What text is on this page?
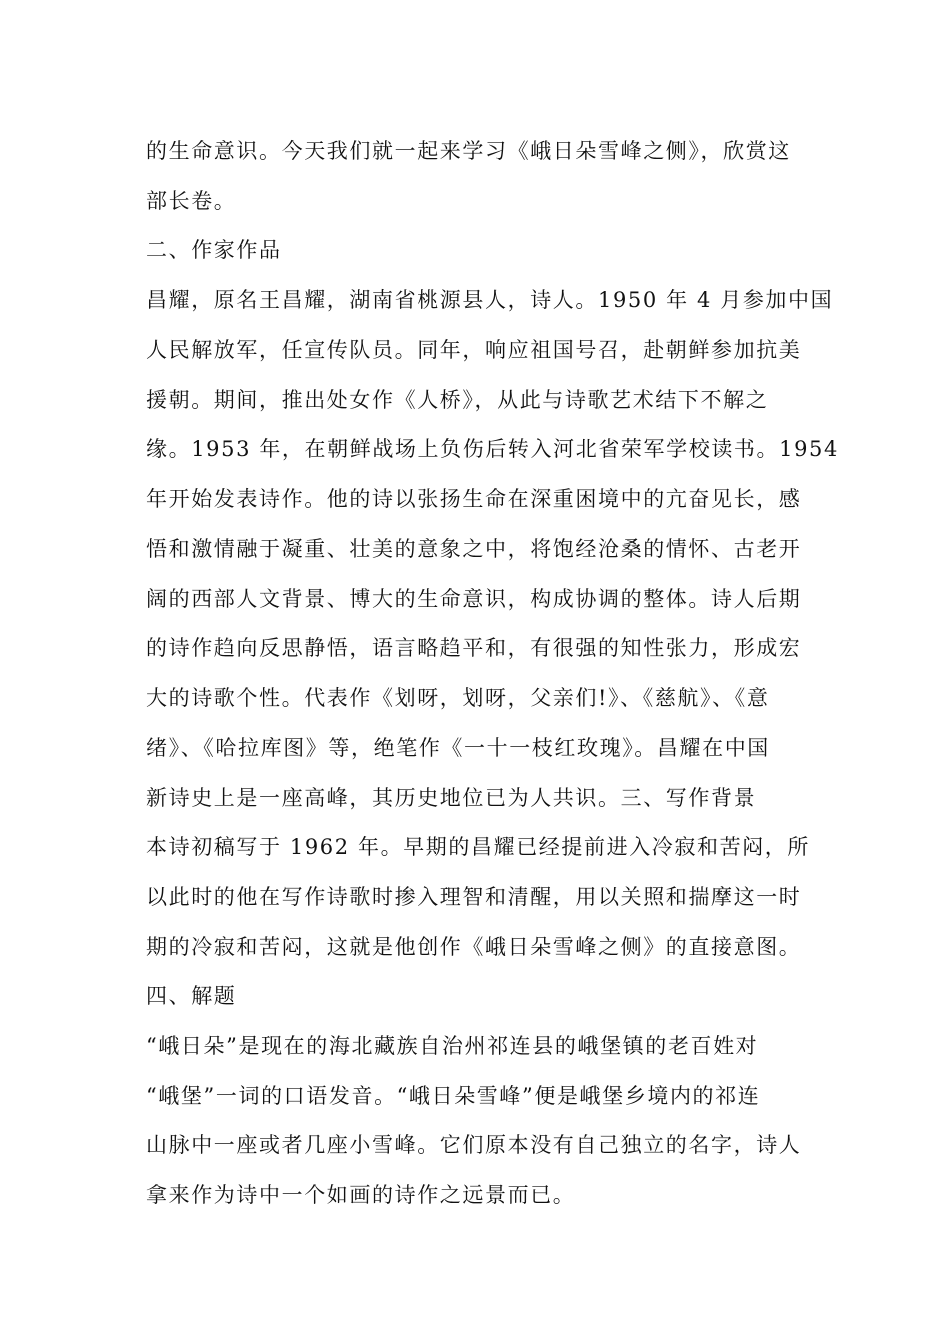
的生命意识。今天我们就一起来学习《峨日朵雪峰之侧》，欣赏这
部长卷。
二、作家作品
昌耀，原名王昌耀，湖南省桃源县人，诗人。1950 年 4 月参加中国
人民解放军，任宣传队员。同年，响应祖国号召，赴朝鲜参加抗美
援朝。期间，推出处女作《人桥》，从此与诗歌艺术结下不解之
缘。1953 年，在朝鲜战场上负伤后转入河北省荣军学校读书。1954
年开始发表诗作。他的诗以张扬生命在深重困境中的亢奋见长，感
悟和激情融于凝重、壮美的意象之中，将饱经沧桑的情怀、古老开
阔的西部人文背景、博大的生命意识，构成协调的整体。诗人后期
的诗作趋向反思静悟，语言略趋平和，有很强的知性张力，形成宏
大的诗歌个性。代表作《划呀，划呀，父亲们!》、《慈航》、《意
绪》、《哈拉库图》等，绝笔作《一十一枝红玫瑰》。昌耀在中国
新诗史上是一座高峰，其历史地位已为人共识。三、写作背景
本诗初稿写于 1962 年。早期的昌耀已经提前进入冷寂和苦闷，所
以此时的他在写作诗歌时掺入理智和清醒，用以关照和揣摩这一时
期的冷寂和苦闷，这就是他创作《峨日朵雪峰之侧》的直接意图。
四、解题
“峨日朵”是现在的海北藏族自治州祁连县的峨堡镇的老百姓对
“峨堡”一词的口语发音。“峨日朵雪峰”便是峨堡乡境内的祁连
山脉中一座或者几座小雪峰。它们原本没有自己独立的名字，诗人
拿来作为诗中一个如画的诗作之远景而已。
